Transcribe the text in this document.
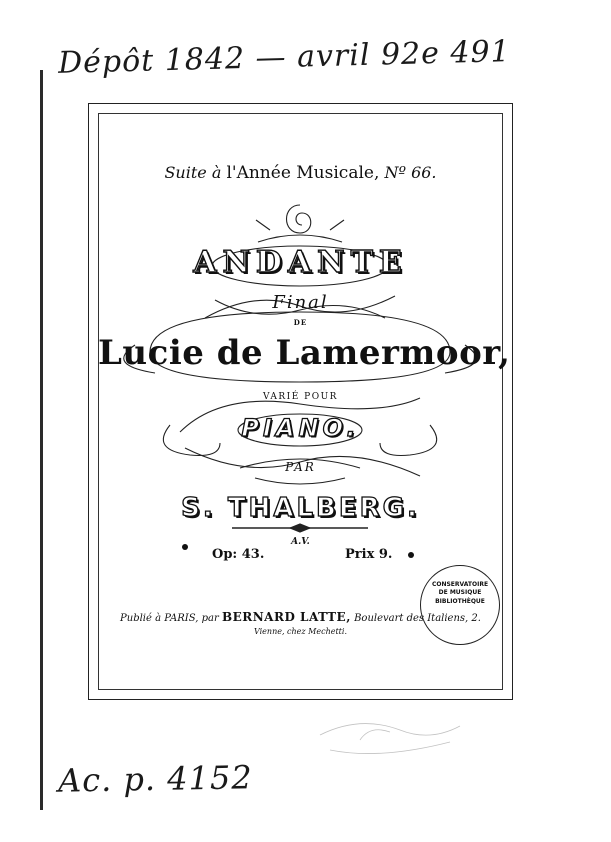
Dépôt 1842 — avril 92e 491
Suite à l'Année Musicale, Nº 66.
ANDANTE
Final
DE
Lucie de Lamermoor,
VARIÉ POUR
PIANO.
PAR
S. THALBERG.
A.V.
Op: 43.	Prix 9.
Publié à PARIS, par BERNARD LATTE, Boulevart des Italiens, 2.
Vienne, chez Mechetti.
CONSERVATOIRE
DE MUSIQUE
BIBLIOTHÈQUE
Ac. p. 4152
